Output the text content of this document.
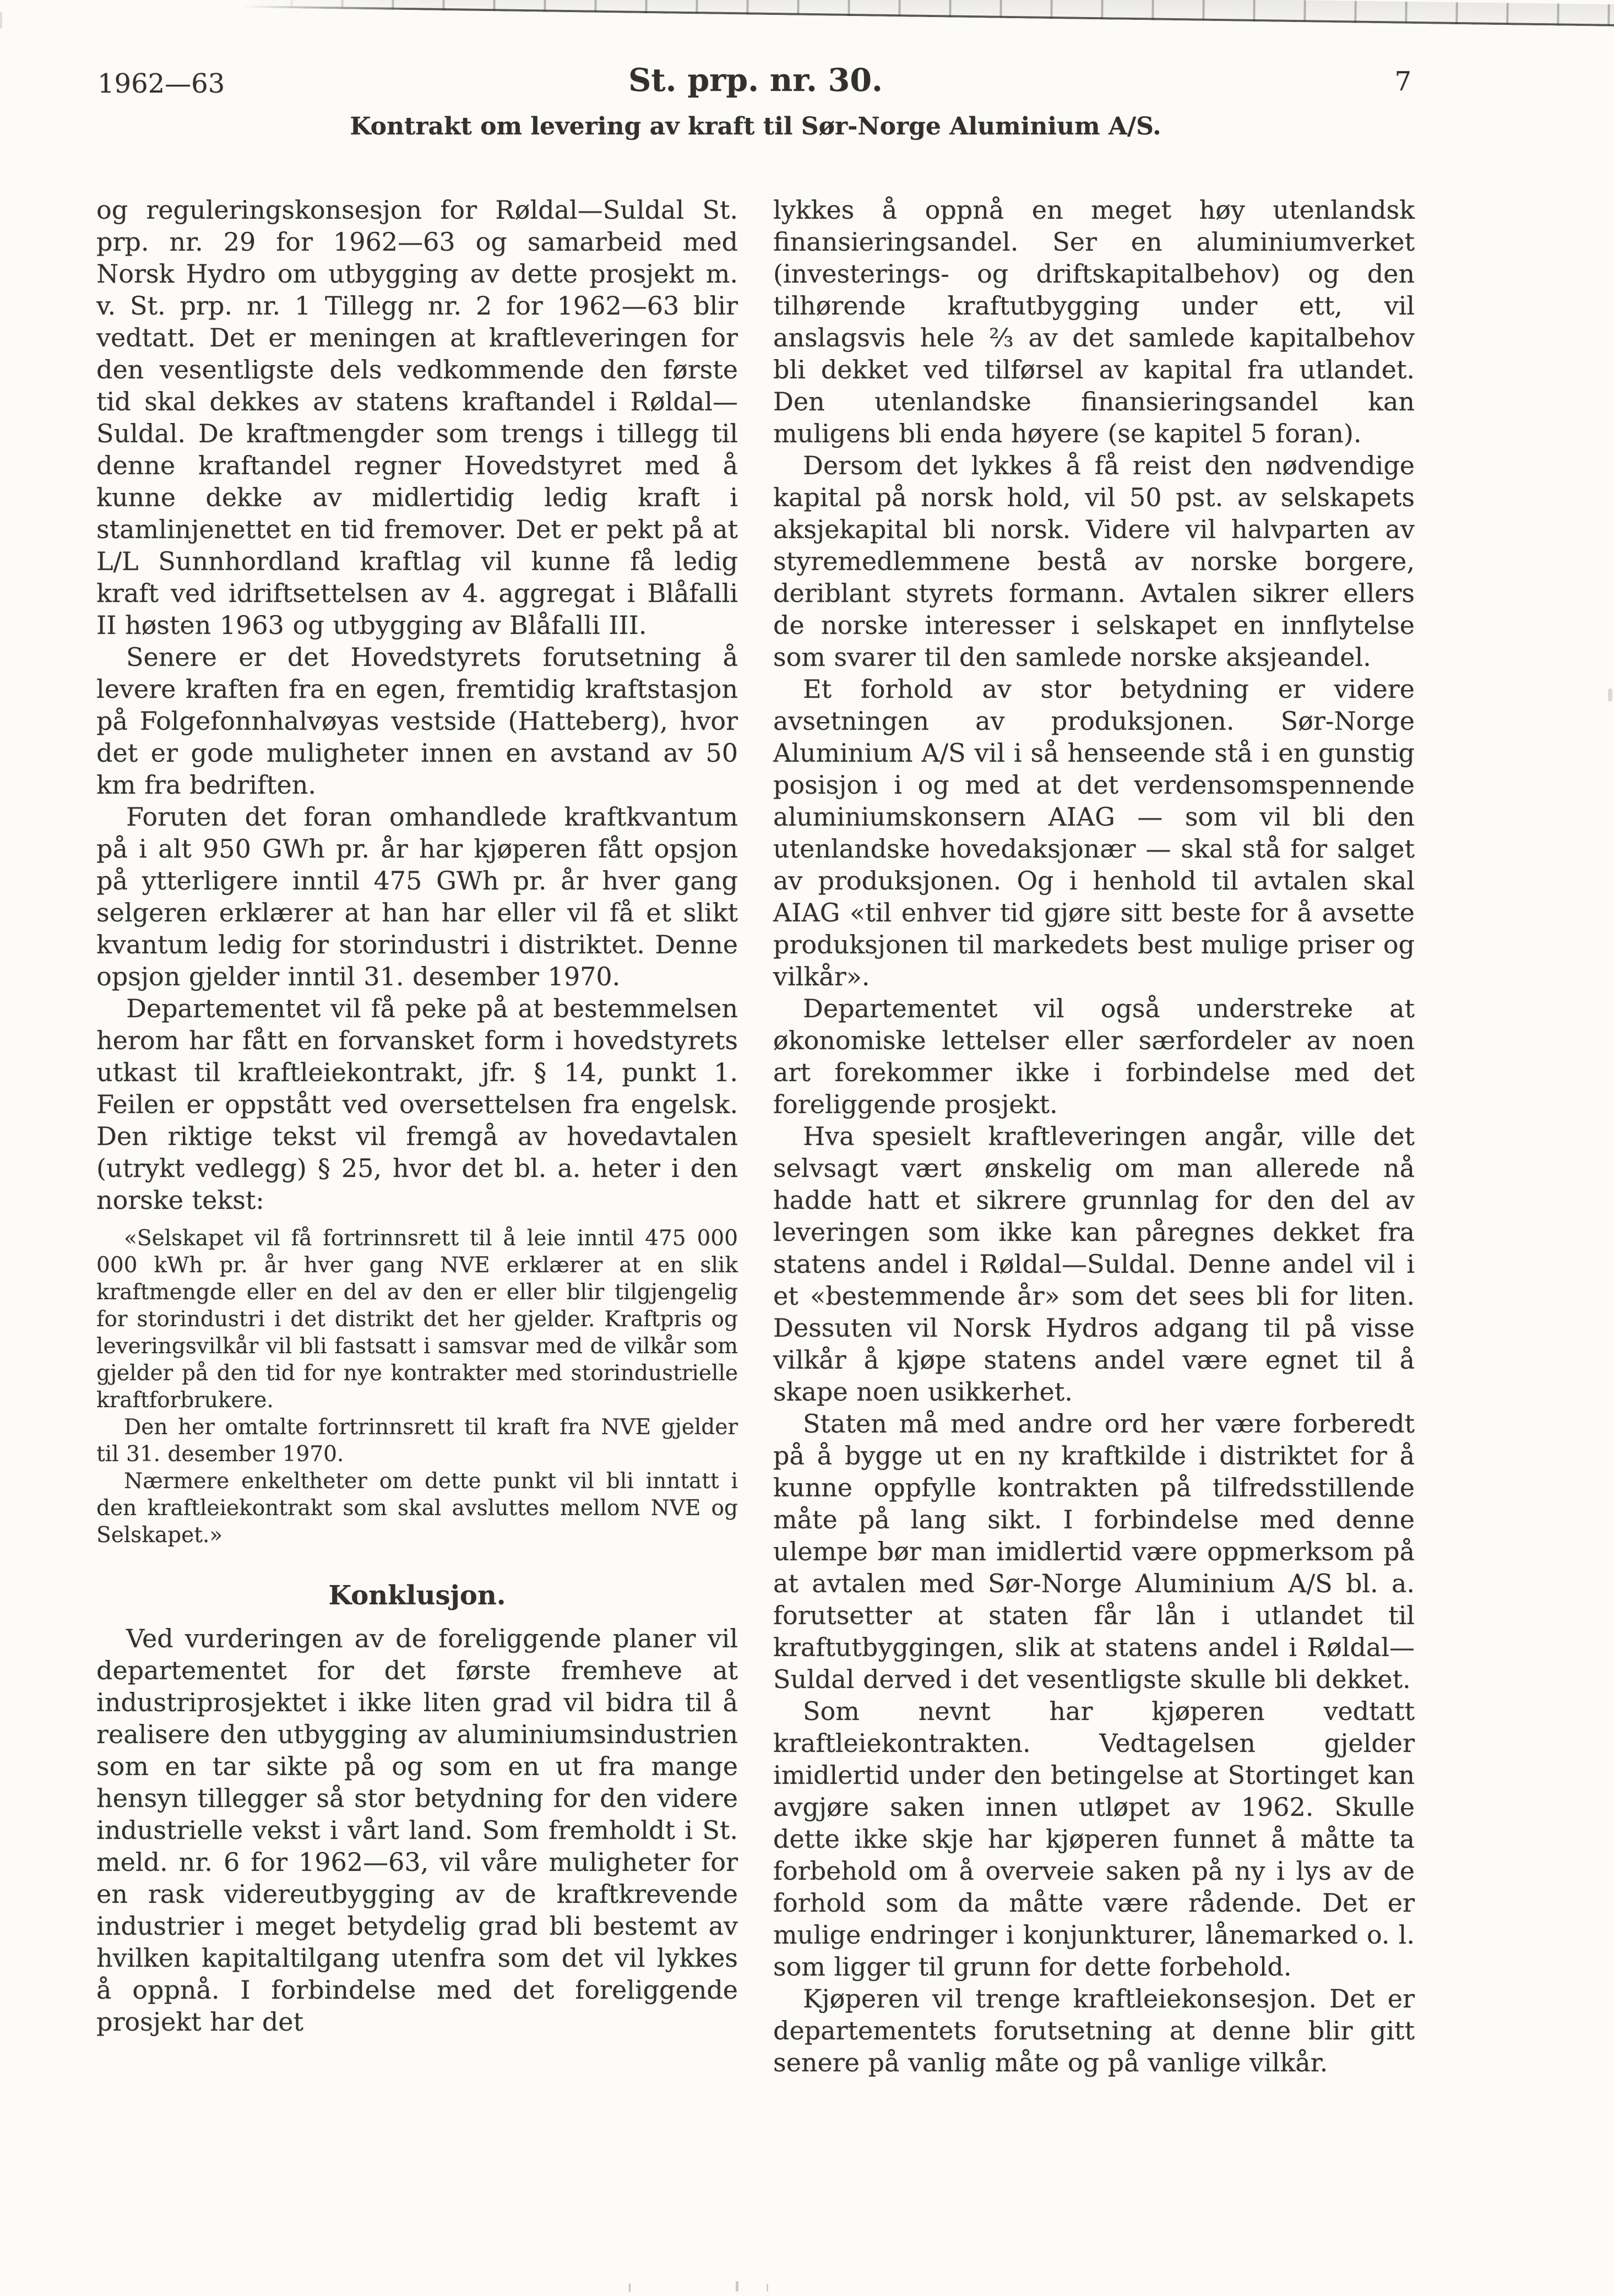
1962—63	St. prp. nr. 30.	7
Kontrakt om levering av kraft til Sør-Norge Aluminium A/S.

og reguleringskonsesjon for Røldal—Suldal St. prp. nr. 29 for 1962—63 og samarbeid med Norsk Hydro om utbygging av dette prosjekt m. v. St. prp. nr. 1 Tillegg nr. 2 for 1962—63 blir vedtatt. Det er meningen at kraftleveringen for den vesentligste dels vedkommende den første tid skal dekkes av statens kraftandel i Røldal—Suldal. De kraftmengder som trengs i tillegg til denne kraftandel regner Hovedstyret med å kunne dekke av midlertidig ledig kraft i stamlinjenettet en tid fremover. Det er pekt på at L/L Sunnhordland kraftlag vil kunne få ledig kraft ved idriftsettelsen av 4. aggregat i Blåfalli II høsten 1963 og utbygging av Blåfalli III.

Senere er det Hovedstyrets forutsetning å levere kraften fra en egen, fremtidig kraftstasjon på Folgefonnhalvøyas vestside (Hatteberg), hvor det er gode muligheter innen en avstand av 50 km fra bedriften.

Foruten det foran omhandlede kraftkvantum på i alt 950 GWh pr. år har kjøperen fått opsjon på ytterligere inntil 475 GWh pr. år hver gang selgeren erklærer at han har eller vil få et slikt kvantum ledig for storindustri i distriktet. Denne opsjon gjelder inntil 31. desember 1970.

Departementet vil få peke på at bestemmelsen herom har fått en forvansket form i hovedstyrets utkast til kraftleiekontrakt, jfr. § 14, punkt 1. Feilen er oppstått ved oversettelsen fra engelsk. Den riktige tekst vil fremgå av hovedavtalen (utrykt vedlegg) § 25, hvor det bl. a. heter i den norske tekst:

«Selskapet vil få fortrinnsrett til å leie inntil 475 000 000 kWh pr. år hver gang NVE erklærer at en slik kraftmengde eller en del av den er eller blir tilgjengelig for storindustri i det distrikt det her gjelder. Kraftpris og leveringsvilkår vil bli fastsatt i samsvar med de vilkår som gjelder på den tid for nye kontrakter med storindustrielle kraftforbrukere.

Den her omtalte fortrinnsrett til kraft fra NVE gjelder til 31. desember 1970.

Nærmere enkeltheter om dette punkt vil bli inntatt i den kraftleiekontrakt som skal avsluttes mellom NVE og Selskapet.»

Konklusjon.

Ved vurderingen av de foreliggende planer vil departementet for det første fremheve at industriprosjektet i ikke liten grad vil bidra til å realisere den utbygging av aluminiumsindustrien som en tar sikte på og som en ut fra mange hensyn tillegger så stor betydning for den videre industrielle vekst i vårt land. Som fremholdt i St. meld. nr. 6 for 1962—63, vil våre muligheter for en rask videreutbygging av de kraftkrevende industrier i meget betydelig grad bli bestemt av hvilken kapitaltilgang utenfra som det vil lykkes å oppnå. I forbindelse med det foreliggende prosjekt har det

lykkes å oppnå en meget høy utenlandsk finansieringsandel. Ser en aluminiumverket (investerings- og driftskapitalbehov) og den tilhørende kraftutbygging under ett, vil anslagsvis hele ⅔ av det samlede kapitalbehov bli dekket ved tilførsel av kapital fra utlandet. Den utenlandske finansieringsandel kan muligens bli enda høyere (se kapitel 5 foran).

Dersom det lykkes å få reist den nødvendige kapital på norsk hold, vil 50 pst. av selskapets aksjekapital bli norsk. Videre vil halvparten av styremedlemmene bestå av norske borgere, deriblant styrets formann. Avtalen sikrer ellers de norske interesser i selskapet en innflytelse som svarer til den samlede norske aksjeandel.

Et forhold av stor betydning er videre avsetningen av produksjonen. Sør-Norge Aluminium A/S vil i så henseende stå i en gunstig posisjon i og med at det verdensomspennende aluminiumskonsern AIAG — som vil bli den utenlandske hovedaksjonær — skal stå for salget av produksjonen. Og i henhold til avtalen skal AIAG «til enhver tid gjøre sitt beste for å avsette produksjonen til markedets best mulige priser og vilkår».

Departementet vil også understreke at økonomiske lettelser eller særfordeler av noen art forekommer ikke i forbindelse med det foreliggende prosjekt.

Hva spesielt kraftleveringen angår, ville det selvsagt vært ønskelig om man allerede nå hadde hatt et sikrere grunnlag for den del av leveringen som ikke kan påregnes dekket fra statens andel i Røldal—Suldal. Denne andel vil i et «bestemmende år» som det sees bli for liten. Dessuten vil Norsk Hydros adgang til på visse vilkår å kjøpe statens andel være egnet til å skape noen usikkerhet.

Staten må med andre ord her være forberedt på å bygge ut en ny kraftkilde i distriktet for å kunne oppfylle kontrakten på tilfredsstillende måte på lang sikt. I forbindelse med denne ulempe bør man imidlertid være oppmerksom på at avtalen med Sør-Norge Aluminium A/S bl. a. forutsetter at staten får lån i utlandet til kraftutbyggingen, slik at statens andel i Røldal—Suldal derved i det vesentligste skulle bli dekket.

Som nevnt har kjøperen vedtatt kraftleiekontrakten. Vedtagelsen gjelder imidlertid under den betingelse at Stortinget kan avgjøre saken innen utløpet av 1962. Skulle dette ikke skje har kjøperen funnet å måtte ta forbehold om å overveie saken på ny i lys av de forhold som da måtte være rådende. Det er mulige endringer i konjunkturer, lånemarked o. l. som ligger til grunn for dette forbehold.

Kjøperen vil trenge kraftleiekonsesjon. Det er departementets forutsetning at denne blir gitt senere på vanlig måte og på vanlige vilkår.
